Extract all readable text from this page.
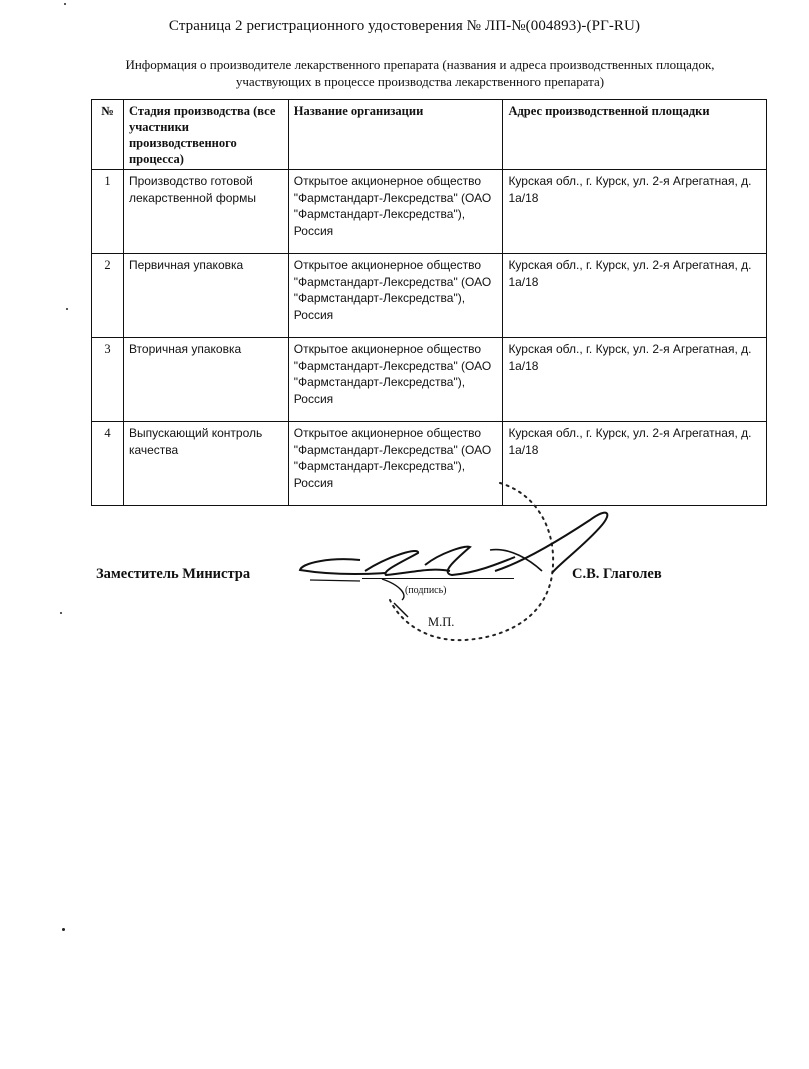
Страница 2 регистрационного удостоверения № ЛП-№(004893)-(РГ-RU)
Информация о производителе лекарственного препарата (названия и адреса производственных площадок,
участвующих в процессе производства лекарственного препарата)
№	Стадия производства (все участники производственного процесса)	Название организации	Адрес производственной площадки
1	Производство готовой лекарственной формы	Открытое акционерное общество "Фармстандарт-Лексредства" (ОАО "Фармстандарт-Лексредства"), Россия	Курская обл., г. Курск, ул. 2-я Агрегатная, д. 1а/18
2	Первичная упаковка	Открытое акционерное общество "Фармстандарт-Лексредства" (ОАО "Фармстандарт-Лексредства"), Россия	Курская обл., г. Курск, ул. 2-я Агрегатная, д. 1а/18
3	Вторичная упаковка	Открытое акционерное общество "Фармстандарт-Лексредства" (ОАО "Фармстандарт-Лексредства"), Россия	Курская обл., г. Курск, ул. 2-я Агрегатная, д. 1а/18
4	Выпускающий контроль качества	Открытое акционерное общество "Фармстандарт-Лексредства" (ОАО "Фармстандарт-Лексредства"), Россия	Курская обл., г. Курск, ул. 2-я Агрегатная, д. 1а/18
Заместитель Министра
(подпись)
М.П.
С.В. Глаголев
